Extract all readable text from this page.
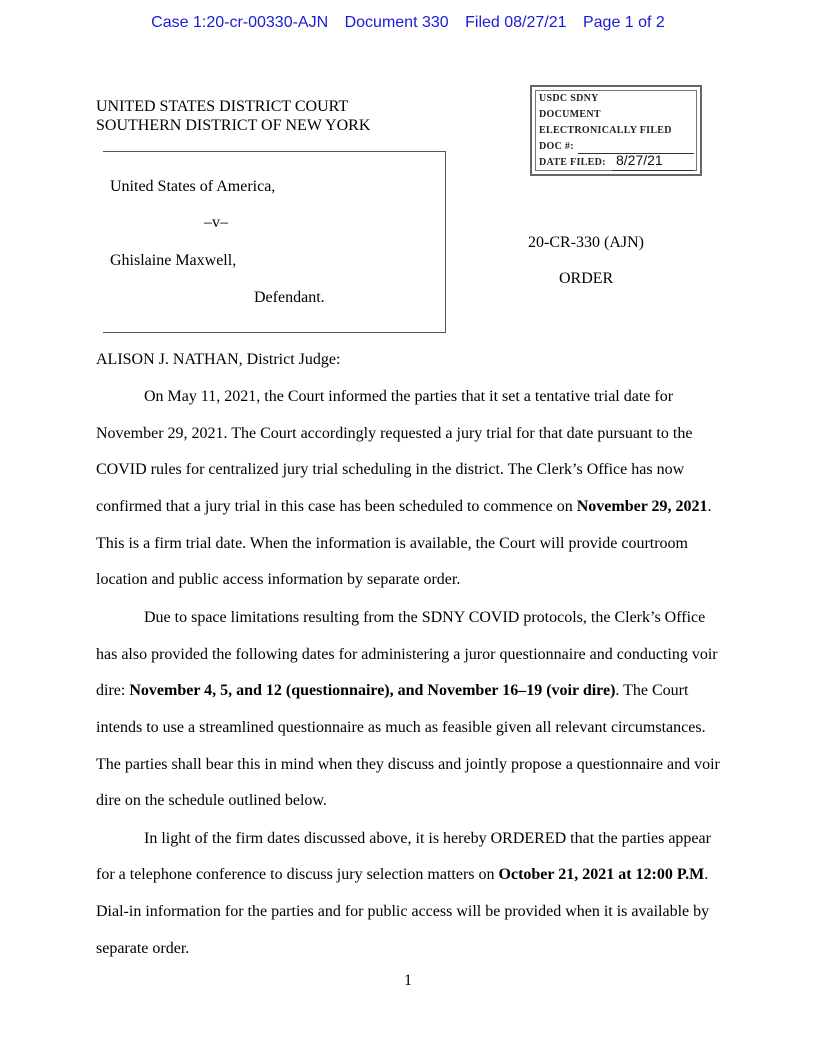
Case 1:20-cr-00330-AJN Document 330 Filed 08/27/21 Page 1 of 2
UNITED STATES DISTRICT COURT
SOUTHERN DISTRICT OF NEW YORK
United States of America,
–v–
Ghislaine Maxwell,
Defendant.
USDC SDNY
DOCUMENT
ELECTRONICALLY FILED
DOC #:
DATE FILED: 8/27/21
20-CR-330 (AJN)
ORDER
ALISON J. NATHAN, District Judge:
On May 11, 2021, the Court informed the parties that it set a tentative trial date for
November 29, 2021. The Court accordingly requested a jury trial for that date pursuant to the
COVID rules for centralized jury trial scheduling in the district. The Clerk’s Office has now
confirmed that a jury trial in this case has been scheduled to commence on November 29, 2021.
This is a firm trial date. When the information is available, the Court will provide courtroom
location and public access information by separate order.
Due to space limitations resulting from the SDNY COVID protocols, the Clerk’s Office
has also provided the following dates for administering a juror questionnaire and conducting voir
dire: November 4, 5, and 12 (questionnaire), and November 16–19 (voir dire). The Court
intends to use a streamlined questionnaire as much as feasible given all relevant circumstances.
The parties shall bear this in mind when they discuss and jointly propose a questionnaire and voir
dire on the schedule outlined below.
In light of the firm dates discussed above, it is hereby ORDERED that the parties appear
for a telephone conference to discuss jury selection matters on October 21, 2021 at 12:00 P.M.
Dial-in information for the parties and for public access will be provided when it is available by
separate order.
1
